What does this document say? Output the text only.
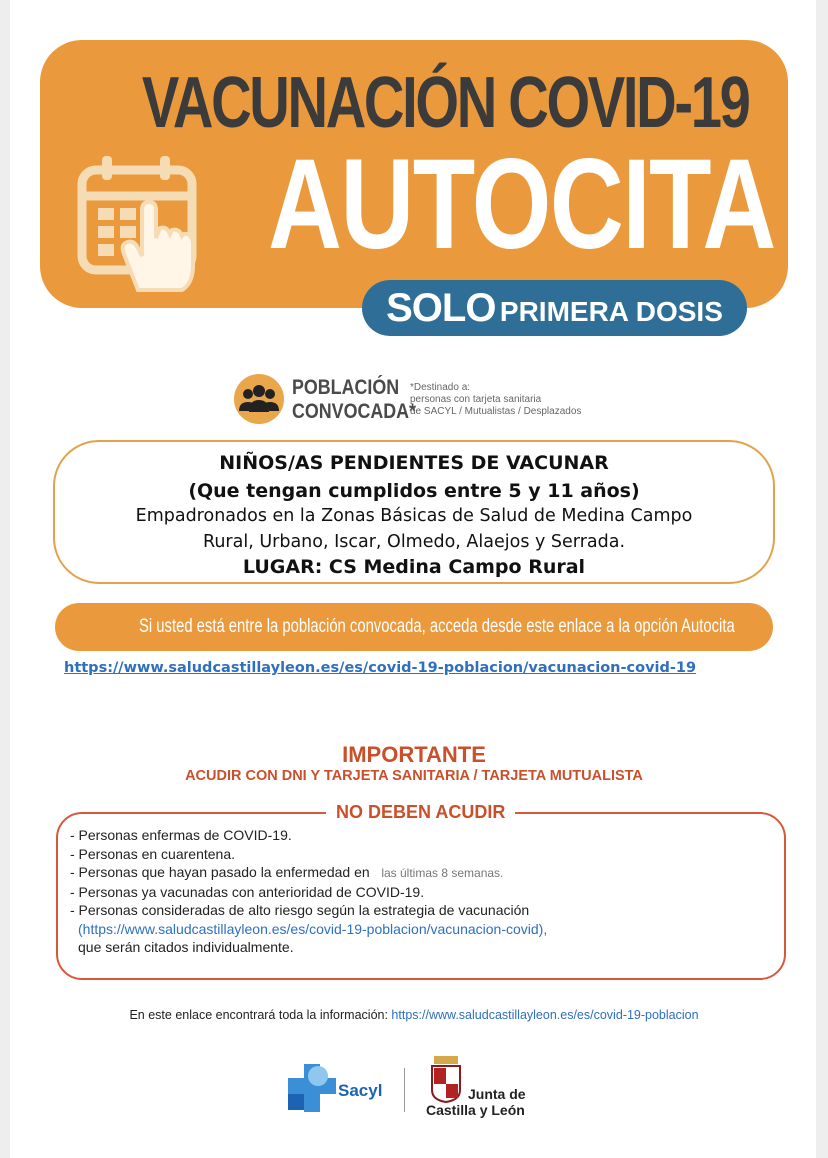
VACUNACIÓN COVID-19
AUTOCITA
SOLO PRIMERA DOSIS
POBLACIÓN
CONVOCADA*
*Destinado a:
personas con tarjeta sanitaria
de SACYL / Mutualistas / Desplazados
NIÑOS/AS PENDIENTES DE VACUNAR
(Que tengan cumplidos entre 5 y 11 años)
Empadronados en la Zonas Básicas de Salud de Medina Campo
Rural, Urbano, Iscar, Olmedo, Alaejos y Serrada.
LUGAR: CS Medina Campo Rural
Si usted está entre la población convocada, acceda desde este enlace a la opción Autocita
https://www.saludcastillayleon.es/es/covid-19-poblacion/vacunacion-covid-19
IMPORTANTE
ACUDIR CON DNI Y TARJETA SANITARIA / TARJETA MUTUALISTA
NO DEBEN ACUDIR
- Personas enfermas de COVID-19.
- Personas en cuarentena.
- Personas que hayan pasado la enfermedad en las últimas 8 semanas.
- Personas ya vacunadas con anterioridad de COVID-19.
- Personas consideradas de alto riesgo según la estrategia de vacunación
(https://www.saludcastillayleon.es/es/covid-19-poblacion/vacunacion-covid),
que serán citados individualmente.
En este enlace encontrará toda la información: https://www.saludcastillayleon.es/es/covid-19-poblacion
Sacyl	Junta de
Castilla y León
